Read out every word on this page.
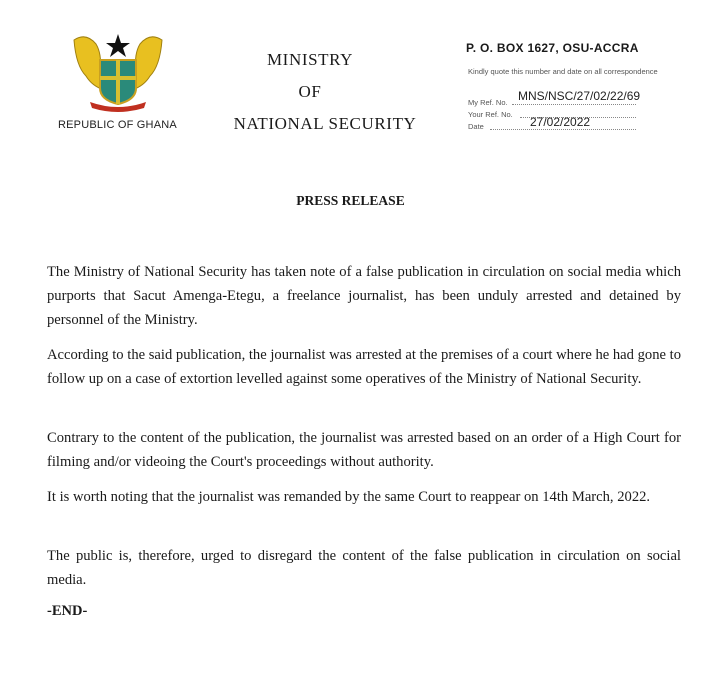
REPUBLIC OF GHANA
MINISTRY
OF
NATIONAL SECURITY
P. O. BOX 1627, OSU-ACCRA
Kindly quote this number and date on all correspondence
My Ref. No. MNS/NSC/27/02/22/69
Your Ref. No.
Date	27/02/2022
PRESS RELEASE
The Ministry of National Security has taken note of a false publication in circulation on social media which purports that Sacut Amenga-Etegu, a freelance journalist, has been unduly arrested and detained by personnel of the Ministry.
According to the said publication, the journalist was arrested at the premises of a court where he had gone to follow up on a case of extortion levelled against some operatives of the Ministry of National Security.
Contrary to the content of the publication, the journalist was arrested based on an order of a High Court for filming and/or videoing the Court's proceedings without authority.
It is worth noting that the journalist was remanded by the same Court to reappear on 14th March, 2022.
The public is, therefore, urged to disregard the content of the false publication in circulation on social media.
-END-
